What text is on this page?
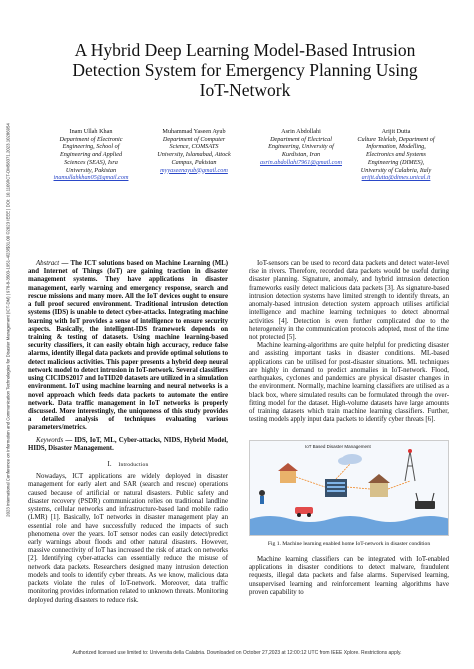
2023 International Conference on Information and Communication Technologies for Disaster Management (ICT-DM) | 978-8-3503-1951-4/23/$31.00 ©2023 IEEE | DOI: 10.1109/ICT-DM58371.2023.10286954
A Hybrid Deep Learning Model-Based Intrusion
Detection System for Emergency Planning Using
IoT-Network
Inam Ullah Khan
Department of Electronic
Engineering, School of
Engineering and Applied
Sciences (SEAS), Isra
University, Pakistan
inamullahkhan05@gmail.com
Muhammad Yaseen Ayub
Department of Computer
Science, COMSATS
University, Islamabad, Attock
Campus, Pakistan
myyaseenayub@gmail.com
Asrin Abdollahi
Department of Electrical
Engineering, University of
Kurdistan, Iran
asrin.abdollahi7961@gmail.com
Arijit Dutta
Culture Telelab, Department of
Information, Modelling,
Electronics and Systems
Engineering (DIMES),
University of Calabria, Italy
arijit.dutta@dimes.unical.it

Abstract — The ICT solutions based on Machine Learning (ML) and Internet of Things (IoT) are gaining traction in disaster management systems. They have applications in disaster management, early warning and emergency response, search and rescue missions and many more. All the IoT devices ought to ensure a full proof secured environment. Traditional intrusion detection systems (IDS) is unable to detect cyber-attacks. Integrating machine learning with IoT provides a sense of intelligence to ensure security aspects. Basically, the intelligent-IDS framework depends on training & testing of datasets. Using machine learning-based security classifiers, it can easily obtain high accuracy, reduce false alarms, identify illegal data packets and provide optimal solutions to detect malicious activities. This paper presents a hybrid deep neural network model to detect intrusion in IoT-network. Several classifiers using CICIDS2017 and IoTID20 datasets are utilized in a simulation environment. IoT using machine learning and neural networks is a novel approach which feeds data packets to automate the entire network. Data traffic management in IoT networks is properly discussed. More interestingly, the uniqueness of this study provides a detailed analysis of techniques evaluating various parameters/metrics.

Keywords — IDS, IoT, ML, Cyber-attacks, NIDS, Hybrid Model, HIDS, Disaster Management.

I. Introduction

Nowadays, ICT applications are widely deployed in disaster management for early alert and SAR (search and rescue) operations caused because of artificial or natural disasters. Public safety and disaster recovery (PSDR) communication relies on traditional landline systems, cellular networks and infrastructure-based land mobile radio (LMR) [1]. Basically, IoT networks in disaster management play an essential role and have successfully reduced the impacts of such phenomena over the years. IoT sensor nodes can easily detect/predict early warnings about floods and other natural disasters. However, massive connectivity of IoT has increased the risk of attack on networks [2]. Identifying cyber-attacks can essentially reduce the misuse of network data packets. Researchers designed many intrusion detection models and tools to identify cyber threats. As we know, malicious data packets violate the rules of IoT-network. Moreover, data traffic monitoring provides information related to unknown threats. Monitoring deployed during disasters to reduce risk.

IoT-sensors can be used to record data packets and detect water-level rise in rivers. Therefore, recorded data packets would be useful during disaster planning. Signature, anomaly, and hybrid intrusion detection frameworks easily detect malicious data packets [3]. As signature-based intrusion detection systems have limited strength to identify threats, an anomaly-based intrusion detection system approach utilises artificial intelligence and machine learning techniques to detect abnormal activities [4]. Detection is even further complicated due to the heterogeneity in the communication protocols adopted, most of the time not protected [5].

Machine learning-algorithms are quite helpful for predicting disaster and assisting important tasks in disaster conditions. ML-based applications can be utilised for post-disaster situations. ML techniques are highly in demand to predict anomalies in IoT-network. Flood, earthquakes, cyclones and pandemics are physical disaster changes in the environment. Normally, machine learning classifiers are utilised as a black box, where simulated results can be formulated through the over-fitting model for the dataset. High-volume datasets have large amounts of training datasets which train machine learning classifiers. Further, testing models apply input data packets to identify cyber threats [6].

IoT Based Disaster Management
Fig 1. Machine learning enabled home IoT-network in disaster condition

Machine learning classifiers can be integrated with IoT-enabled applications in disaster conditions to detect malware, fraudulent requests, illegal data packets and false alarms. Supervised learning, unsupervised learning and reinforcement learning algorithms have proven capability to

Authorized licensed use limited to: Universita della Calabria. Downloaded on October 27,2023 at 12:00:12 UTC from IEEE Xplore. Restrictions apply.
